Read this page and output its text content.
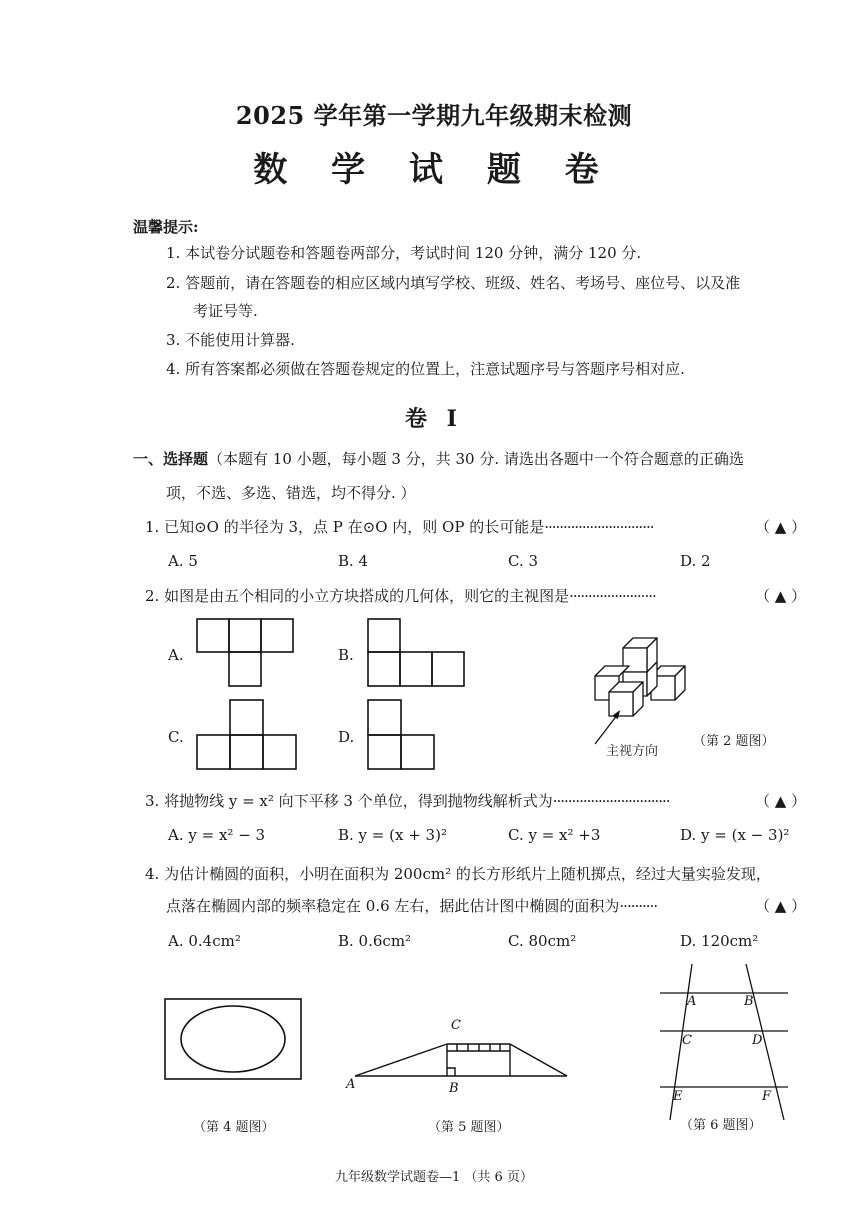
2025 学年第一学期九年级期末检测
数 学 试 题 卷
温馨提示:
1. 本试卷分试题卷和答题卷两部分，考试时间 120 分钟，满分 120 分.
2. 答题前，请在答题卷的相应区域内填写学校、班级、姓名、考场号、座位号、以及准
考证号等.
3. 不能使用计算器.
4. 所有答案都必须做在答题卷规定的位置上，注意试题序号与答题序号相对应.
卷 I
一、选择题（本题有 10 小题，每小题 3 分，共 30 分. 请选出各题中一个符合题意的正确选
项，不选、多选、错选，均不得分. ）
1. 已知⊙O 的半径为 3，点 P 在⊙O 内，则 OP 的长可能是·····························	（ ▲ ）
A. 5	B. 4	C. 3	D. 2
2. 如图是由五个相同的小立方块搭成的几何体，则它的主视图是·······················	（ ▲ ）
A.	B.
C.	D.
主视方向
（第 2 题图）
3. 将抛物线 y = x² 向下平移 3 个单位，得到抛物线解析式为·······························	（ ▲ ）
A. y = x² − 3	B. y = (x + 3)²	C. y = x² +3	D. y = (x − 3)²
4. 为估计椭圆的面积，小明在面积为 200cm² 的长方形纸片上随机掷点，经过大量实验发现，
点落在椭圆内部的频率稳定在 0.6 左右，据此估计图中椭圆的面积为··········	（ ▲ ）
A. 0.4cm²	B. 0.6cm²	C. 80cm²	D. 120cm²
（第 4 题图）
A	B
C
（第 5 题图）
A	B
C	D
E	F
（第 6 题图）
九年级数学试题卷—1 （共 6 页）
